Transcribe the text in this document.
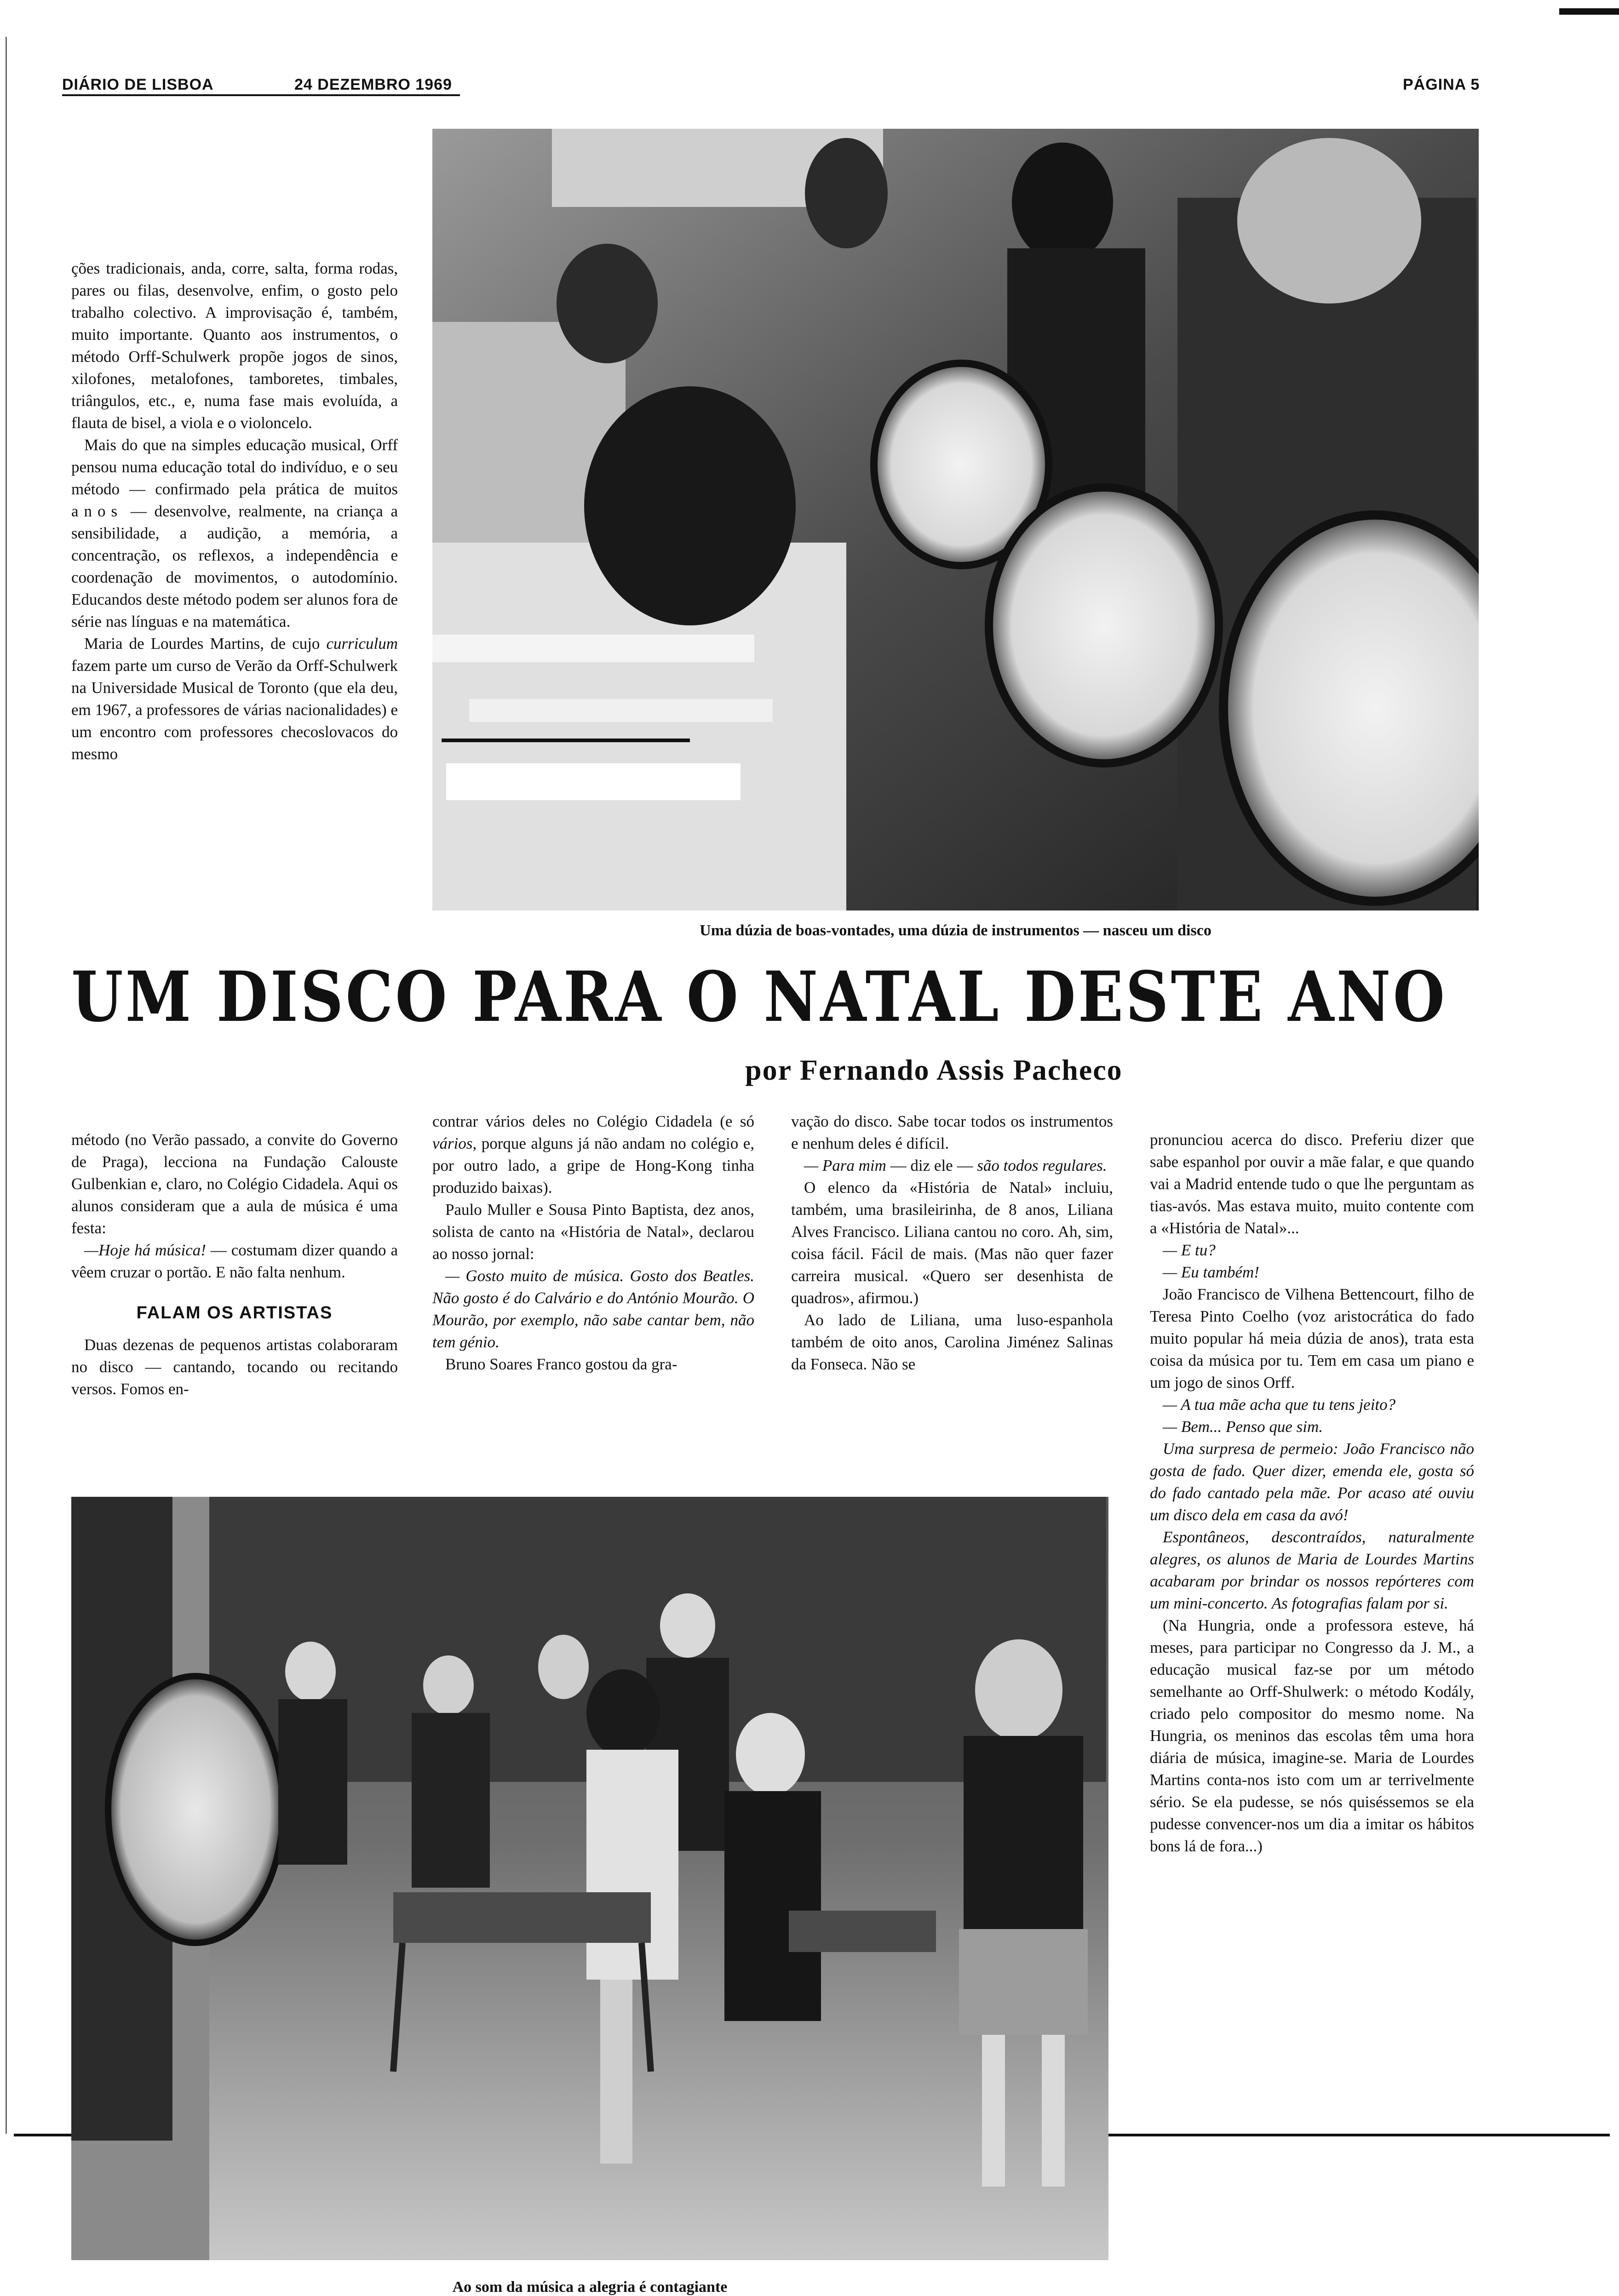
DIÁRIO DE LISBOA	24 DEZEMBRO 1969	PÁGINA 5

ções tradicionais, anda, corre, salta, forma rodas, pares ou filas, desenvolve, enfim, o gosto pelo trabalho colectivo. A improvisação é, também, muito importante. Quanto aos instrumentos, o método Orff-Schulwerk propõe jogos de sinos, xilofones, metalofones, tamboretes, timbales, triângulos, etc., e, numa fase mais evoluída, a flauta de bisel, a viola e o violoncelo.

Mais do que na simples educação musical, Orff pensou numa educação total do indivíduo, e o seu método — confirmado pela prática de muitos anos — desenvolve, realmente, na criança a sensibilidade, a audição, a memória, a concentração, os reflexos, a independência e coordenação de movimentos, o autodomínio. Educandos deste método podem ser alunos fora de série nas línguas e na matemática.

Maria de Lourdes Martins, de cujo curriculum fazem parte um curso de Verão da Orff-Schulwerk na Universidade Musical de Toronto (que ela deu, em 1967, a professores de várias nacionalidades) e um encontro com professores checoslovacos do mesmo

Uma dúzia de boas-vontades, uma dúzia de instrumentos — nasceu um disco
UM DISCO PARA O NATAL DESTE ANO
por Fernando Assis Pacheco

método (no Verão passado, a convite do Governo de Praga), lecciona na Fundação Calouste Gulbenkian e, claro, no Colégio Cidadela. Aqui os alunos consideram que a aula de música é uma festa:

—Hoje há música! — costumam dizer quando a vêem cruzar o portão. E não falta nenhum.

FALAM OS ARTISTAS

Duas dezenas de pequenos artistas colaboraram no disco — cantando, tocando ou recitando versos. Fomos en-

contrar vários deles no Colégio Cidadela (e só vários, porque alguns já não andam no colégio e, por outro lado, a gripe de Hong-Kong tinha produzido baixas).

Paulo Muller e Sousa Pinto Baptista, dez anos, solista de canto na «História de Natal», declarou ao nosso jornal:

— Gosto muito de música. Gosto dos Beatles. Não gosto é do Calvário e do António Mourão. O Mourão, por exemplo, não sabe cantar bem, não tem génio.

Bruno Soares Franco gostou da gra-

vação do disco. Sabe tocar todos os instrumentos e nenhum deles é difícil.

— Para mim — diz ele — são todos regulares.

O elenco da «História de Natal» incluiu, também, uma brasileirinha, de 8 anos, Liliana Alves Francisco. Liliana cantou no coro. Ah, sim, coisa fácil. Fácil de mais. (Mas não quer fazer carreira musical. «Quero ser desenhista de quadros», afirmou.)

Ao lado de Liliana, uma luso-espanhola também de oito anos, Carolina Jiménez Salinas da Fonseca. Não se

pronunciou acerca do disco. Preferiu dizer que sabe espanhol por ouvir a mãe falar, e que quando vai a Madrid entende tudo o que lhe perguntam as tias-avós. Mas estava muito, muito contente com a «História de Natal»...

— E tu?

— Eu também!

João Francisco de Vilhena Bettencourt, filho de Teresa Pinto Coelho (voz aristocrática do fado muito popular há meia dúzia de anos), trata esta coisa da música por tu. Tem em casa um piano e um jogo de sinos Orff.

— A tua mãe acha que tu tens jeito?

— Bem... Penso que sim.

Uma surpresa de permeio: João Francisco não gosta de fado. Quer dizer, emenda ele, gosta só do fado cantado pela mãe. Por acaso até ouviu um disco dela em casa da avó!

Espontâneos, descontraídos, naturalmente alegres, os alunos de Maria de Lourdes Martins acabaram por brindar os nossos repórteres com um mini-concerto. As fotografias falam por si.

(Na Hungria, onde a professora esteve, há meses, para participar no Congresso da J. M., a educação musical faz-se por um método semelhante ao Orff-Shulwerk: o método Kodály, criado pelo compositor do mesmo nome. Na Hungria, os meninos das escolas têm uma hora diária de música, imagine-se. Maria de Lourdes Martins conta-nos isto com um ar terrivelmente sério. Se ela pudesse, se nós quiséssemos se ela pudesse convencer-nos um dia a imitar os hábitos bons lá de fora...)

Ao som da música a alegria é contagiante
